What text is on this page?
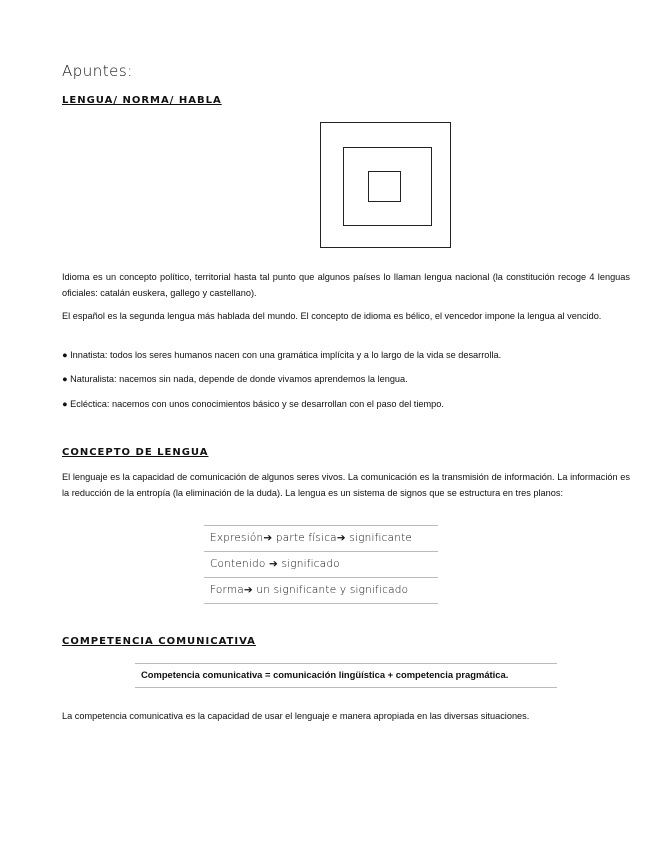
Apuntes:
LENGUA/ NORMA/ HABLA
Idioma es un concepto político, territorial hasta tal punto que algunos países lo llaman lengua nacional (la constitución recoge 4 lenguas oficiales: catalán euskera, gallego y castellano).
El español es la segunda lengua más hablada del mundo. El concepto de idioma es bélico, el vencedor impone la lengua al vencido.
● Innatista: todos los seres humanos nacen con una gramática implícita y a lo largo de la vida se desarrolla.
● Naturalista: nacemos sin nada, depende de donde vivamos aprendemos la lengua.
● Ecléctica: nacemos con unos conocimientos básico y se desarrollan con el paso del tiempo.
CONCEPTO DE LENGUA
El lenguaje es la capacidad de comunicación de algunos seres vivos. La comunicación es la transmisión de información. La información es la reducción de la entropía (la eliminación de la duda). La lengua es un sistema de signos que se estructura en tres planos:
Expresión➔ parte física➔ significante
Contenido ➔ significado
Forma➔ un significante y significado
COMPETENCIA COMUNICATIVA
Competencia comunicativa = comunicación lingüística + competencia pragmática.
La competencia comunicativa es la capacidad de usar el lenguaje e manera apropiada en las diversas situaciones.
